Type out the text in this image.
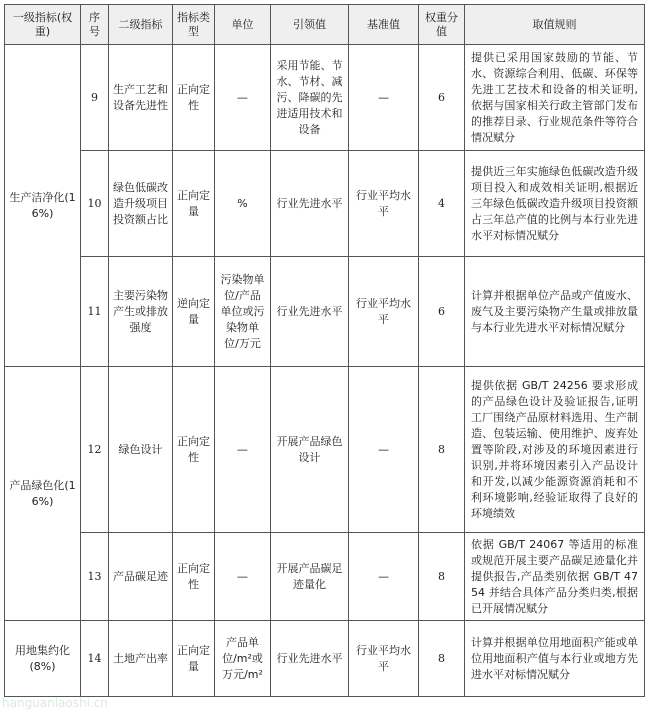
一级指标(权重)	序号	二级指标	指标类型	单位	引领值	基准值	权重分值	取值规则
生产洁净化(16%)	9	生产工艺和设备先进性	正向定性	—	采用节能、节水、节材、减污、降碳的先进适用技术和设备	—	6	提供已采用国家鼓励的节能、节水、资源综合利用、低碳、环保等先进工艺技术和设备的相关证明,依据与国家相关行政主管部门发布的推荐目录、行业规范条件等符合情况赋分
	10	绿色低碳改造升级项目投资额占比	正向定量	%	行业先进水平	行业平均水平	4	提供近三年实施绿色低碳改造升级项目投入和成效相关证明,根据近三年绿色低碳改造升级项目投资额占三年总产值的比例与本行业先进水平对标情况赋分
	11	主要污染物产生或排放强度	逆向定量	污染物单位/产品单位或污染物单位/万元	行业先进水平	行业平均水平	6	计算并根据单位产品或产值废水、废气及主要污染物产生量或排放量与本行业先进水平对标情况赋分
产品绿色化(16%)	12	绿色设计	正向定性	—	开展产品绿色设计	—	8	提供依据 GB/T 24256 要求形成的产品绿色设计及验证报告,证明工厂围绕产品原材料选用、生产制造、包装运输、使用维护、废弃处置等阶段,对涉及的环境因素进行识别,并将环境因素引入产品设计和开发,以减少能源资源消耗和不利环境影响,经验证取得了良好的环境绩效
	13	产品碳足迹	正向定性	—	开展产品碳足迹量化	—	8	依据 GB/T 24067 等适用的标准或规范开展主要产品碳足迹量化并提供报告,产品类别依据 GB/T 4754 并结合具体产品分类归类,根据已开展情况赋分
用地集约化(8%)	14	土地产出率	正向定量	产品单位/m²或万元/m²	行业先进水平	行业平均水平	8	计算并根据单位用地面积产能或单位用地面积产值与本行业或地方先进水平对标情况赋分
hanguanlaoshi.cn
